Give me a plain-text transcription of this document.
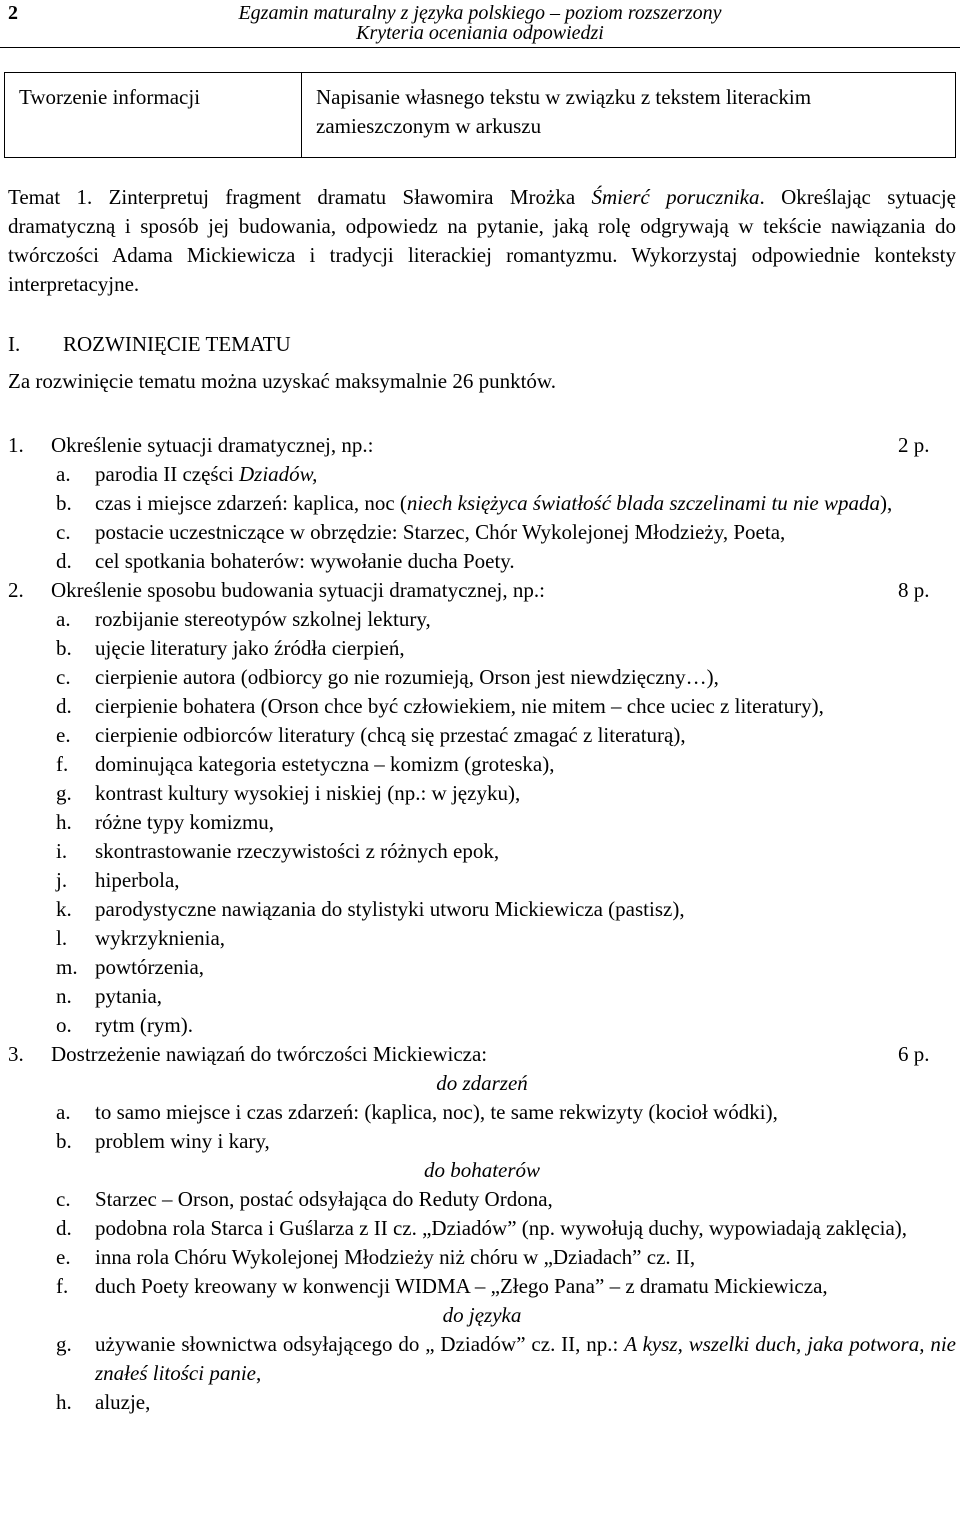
2	Egzamin maturalny z języka polskiego – poziom rozszerzony
Kryteria oceniania odpowiedzi
Tworzenie informacji	Napisanie własnego tekstu w związku z tekstem literackim zamieszczonym w arkuszu
Temat 1. Zinterpretuj fragment dramatu Sławomira Mrożka Śmierć porucznika. Określając sytuację dramatyczną i sposób jej budowania, odpowiedz na pytanie, jaką rolę odgrywają w tekście nawiązania do twórczości Adama Mickiewicza i tradycji literackiej romantyzmu. Wykorzystaj odpowiednie konteksty interpretacyjne.
I. ROZWINIĘCIE TEMATU
Za rozwinięcie tematu można uzyskać maksymalnie 26 punktów.
1.	Określenie sytuacji dramatycznej, np.:	2 p.
a.	parodia II części Dziadów,
b.	czas i miejsce zdarzeń: kaplica, noc (niech księżyca światłość blada szczelinami tu nie wpada),
c.	postacie uczestniczące w obrzędzie: Starzec, Chór Wykolejonej Młodzieży, Poeta,
d.	cel spotkania bohaterów: wywołanie ducha Poety.
2.	Określenie sposobu budowania sytuacji dramatycznej, np.:	8 p.
a.	rozbijanie stereotypów szkolnej lektury,
b.	ujęcie literatury jako źródła cierpień,
c.	cierpienie autora (odbiorcy go nie rozumieją, Orson jest niewdzięczny…),
d.	cierpienie bohatera (Orson chce być człowiekiem, nie mitem – chce uciec z literatury),
e.	cierpienie odbiorców literatury (chcą się przestać zmagać z literaturą),
f.	dominująca kategoria estetyczna – komizm (groteska),
g.	kontrast kultury wysokiej i niskiej (np.: w języku),
h.	różne typy komizmu,
i.	skontrastowanie rzeczywistości z różnych epok,
j.	hiperbola,
k.	parodystyczne nawiązania do stylistyki utworu Mickiewicza (pastisz),
l.	wykrzyknienia,
m. powtórzenia,
n.	pytania,
o.	rytm (rym).
3.	Dostrzeżenie nawiązań do twórczości Mickiewicza:	6 p.
do zdarzeń
a.	to samo miejsce i czas zdarzeń: (kaplica, noc), te same rekwizyty (kocioł wódki),
b.	problem winy i kary,
do bohaterów
c.	Starzec – Orson, postać odsyłająca do Reduty Ordona,
d.	podobna rola Starca i Guślarza z II cz. „Dziadów” (np. wywołują duchy, wypowiadają zaklęcia),
e.	inna rola Chóru Wykolejonej Młodzieży niż chóru w „Dziadach” cz. II,
f.	duch Poety kreowany w konwencji WIDMA – „Złego Pana” – z dramatu Mickiewicza,
do języka
g.	używanie słownictwa odsyłającego do „ Dziadów” cz. II, np.: A kysz, wszelki duch, jaka potwora, nie znałeś litości panie,
h.	aluzje,
